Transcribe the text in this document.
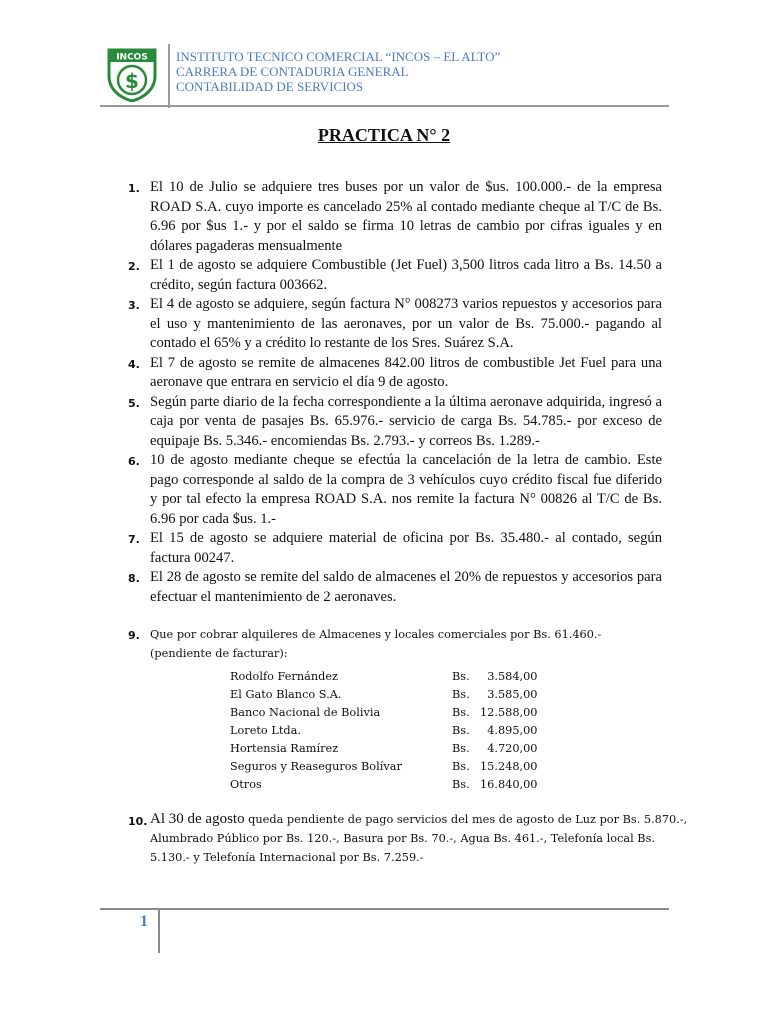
INCOS
$
INSTITUTO TECNICO COMERCIAL “INCOS – EL ALTO”
CARRERA DE CONTADURIA GENERAL
CONTABILIDAD DE SERVICIOS
PRACTICA N° 2
1. El 10 de Julio se adquiere tres buses por un valor de $us. 100.000.- de la empresa ROAD S.A. cuyo importe es cancelado 25% al contado mediante cheque al T/C de Bs. 6.96 por $us 1.- y por el saldo se firma 10 letras de cambio por cifras iguales y en dólares pagaderas mensualmente
2. El 1 de agosto se adquiere Combustible (Jet Fuel) 3,500 litros cada litro a Bs. 14.50 a crédito, según factura 003662.
3. El 4 de agosto se adquiere, según factura N° 008273 varios repuestos y accesorios para el uso y mantenimiento de las aeronaves, por un valor de Bs. 75.000.- pagando al contado el 65% y a crédito lo restante de los Sres. Suárez S.A.
4. El 7 de agosto se remite de almacenes 842.00 litros de combustible Jet Fuel para una aeronave que entrara en servicio el día 9 de agosto.
5. Según parte diario de la fecha correspondiente a la última aeronave adquirida, ingresó a caja por venta de pasajes Bs. 65.976.- servicio de carga Bs. 54.785.- por exceso de equipaje Bs. 5.346.- encomiendas Bs. 2.793.- y correos Bs. 1.289.-
6. 10 de agosto mediante cheque se efectúa la cancelación de la letra de cambio. Este pago corresponde al saldo de la compra de 3 vehículos cuyo crédito fiscal fue diferido y por tal efecto la empresa ROAD S.A. nos remite la factura N° 00826 al T/C de Bs. 6.96 por cada $us. 1.-
7. El 15 de agosto se adquiere material de oficina por Bs. 35.480.- al contado, según factura 00247.
8. El 28 de agosto se remite del saldo de almacenes el 20% de repuestos y accesorios para efectuar el mantenimiento de 2 aeronaves.
9. Que por cobrar alquileres de Almacenes y locales comerciales por Bs. 61.460.- (pendiente de facturar):
Rodolfo Fernández	Bs.	3.584,00
El Gato Blanco S.A.	Bs.	3.585,00
Banco Nacional de Bolivia	Bs.	12.588,00
Loreto Ltda.	Bs.	4.895,00
Hortensia Ramírez	Bs.	4.720,00
Seguros y Reaseguros Bolívar	Bs.	15.248,00
Otros	Bs.	16.840,00
10. Al 30 de agosto queda pendiente de pago servicios del mes de agosto de Luz por Bs. 5.870.-, Alumbrado Público por Bs. 120.-, Basura por Bs. 70.-, Agua Bs. 461.-, Telefonía local Bs. 5.130.- y Telefonía Internacional por Bs. 7.259.-
1
